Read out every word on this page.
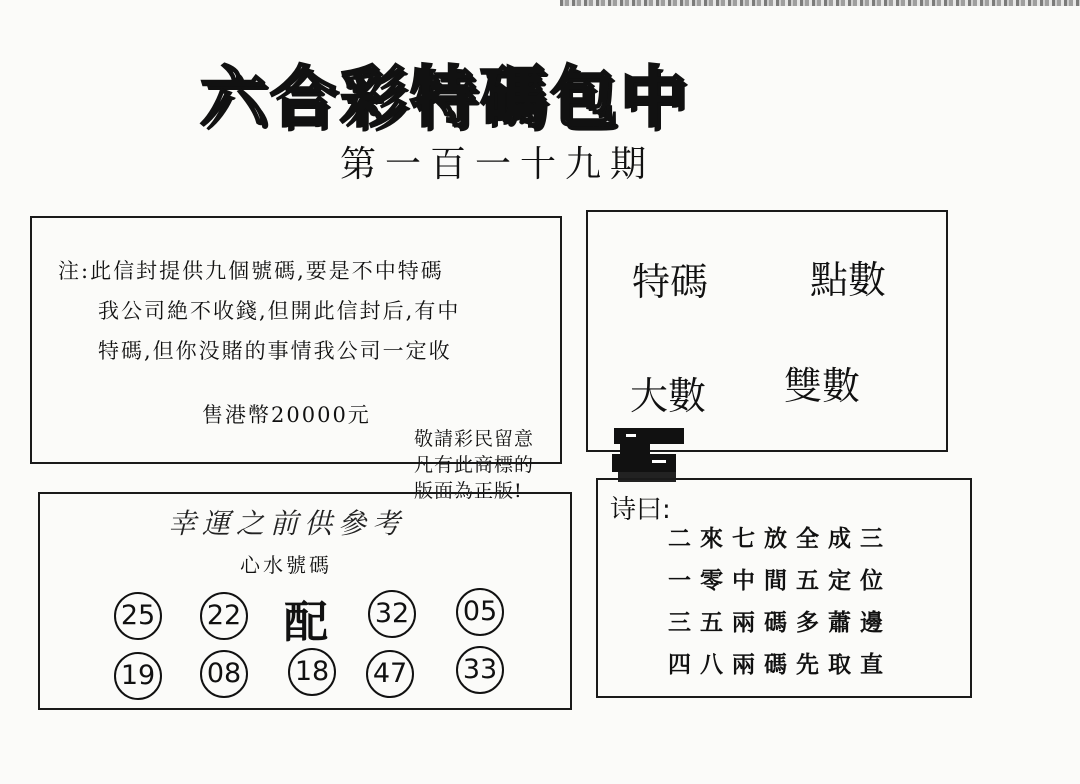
六合彩特碼包中
第一百一十九期
注:此信封提供九個號碼,要是不中特碼
我公司絶不收錢,但開此信封后,有中
特碼,但你没賭的事情我公司一定收
售港幣20000元
特碼	點數
大數 雙數
敬請彩民留意
凡有此商標的
版面為正版!
幸運之前供參考
心水號碼
25 22 配 32 05
19 08 18 47 33
诗曰:
二來七放全成三
一零中間五定位
三五兩碼多蕭邊
四八兩碼先取直
